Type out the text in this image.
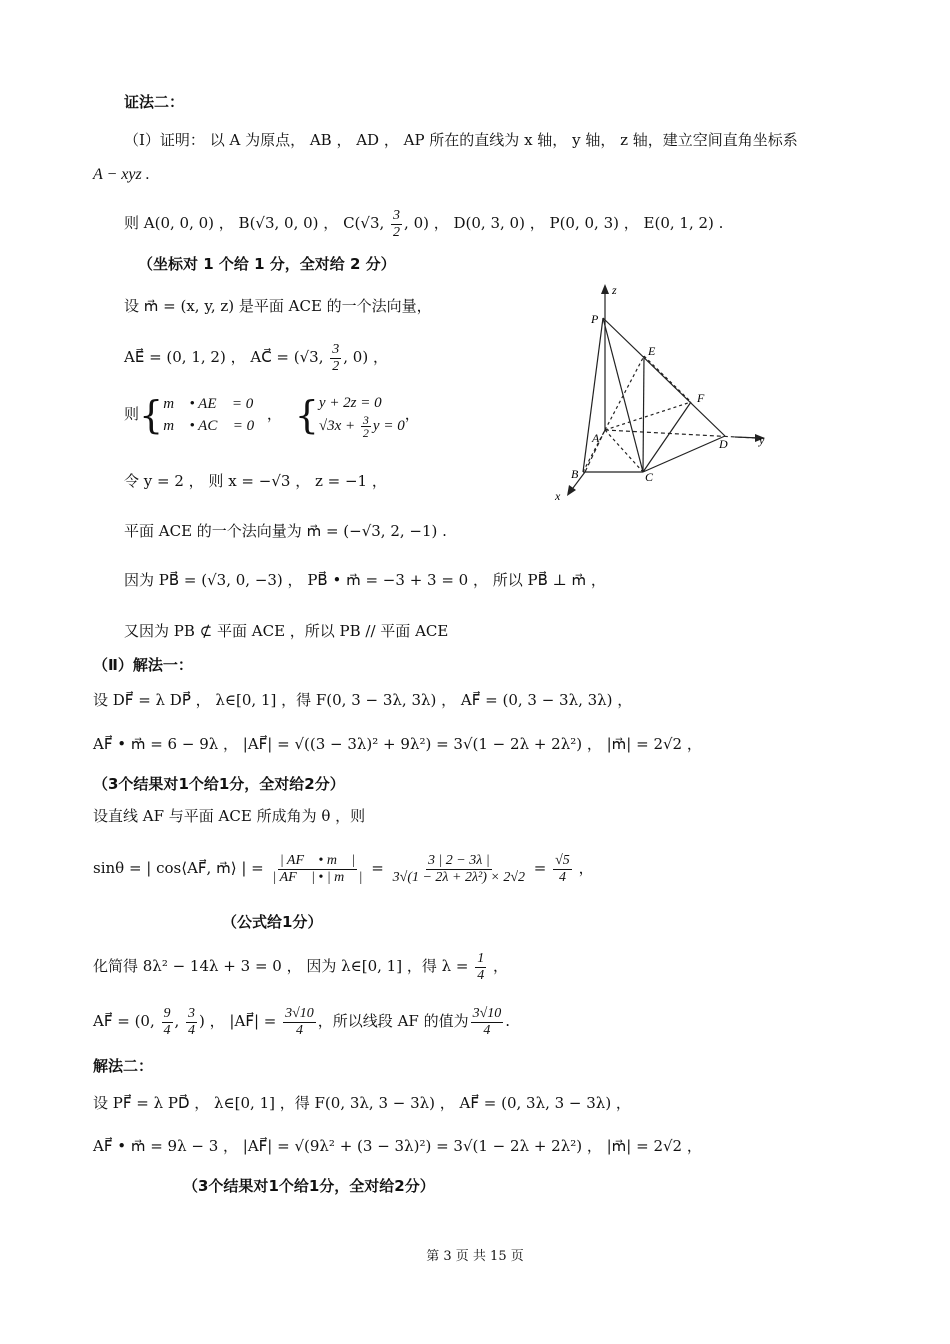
证法二：
（Ⅰ）证明： 以 A 为原点， AB ， AD ， AP 所在的直线为 x 轴， y 轴， z 轴，建立空间直角坐标系
A − xyz .
则 A(0, 0, 0) ， B(√3, 0, 0) ， C(√3, $\frac{3}{2}$ , 0) ， D(0, 3, 0) ， P(0, 0, 3) ， E(0, 1, 2) .
（坐标对 1 个给 1 分，全对给 2 分）
设 m⃗ = (x, y, z) 是平面 ACE 的一个法向量，
AE⃗ = (0, 1, 2) ， AC⃗ = (√3, $\frac{3}{2}$ , 0) ，
则{ m⃗ • AE⃗ = 0
m⃗ • AC⃗ = 0
， { y + 2z = 0
$√3x + \frac{3}{2}$ y = 0
，
令 y = 2 ， 则 x = −√3 ， z = −1 ，
平面 ACE 的一个法向量为 m⃗ = (−√3, 2, −1) .
因为 PB⃗ = (√3, 0, −3) ， PB⃗ • m⃗ = −3 + 3 = 0 ， 所以 PB⃗ ⊥ m⃗ ，
又因为 PB ⊄ 平面 ACE ，所以 PB // 平面 ACE
（Ⅱ）解法一：
设 DF⃗ = λ DP⃗ ， λ∈[0, 1] ，得 F(0, 3 − 3λ, 3λ) ， AF⃗ = (0, 3 − 3λ, 3λ) ，
AF⃗ • m⃗ = 6 − 9λ ， |AF⃗| = √((3 − 3λ)² + 9λ²) = 3√(1 − 2λ + 2λ²) ， |m⃗| = 2√2 ，
（3个结果对1个给1分，全对给2分）
设直线 AF 与平面 ACE 所成角为 θ ，则
sinθ = | cos⟨AF⃗, m⃗⟩ | = $\frac{| AF⃗ • m⃗ |}{| AF⃗ | • | m⃗ |} = \frac{3 | 2 - 3\lambda |}{\text{3√(1 − 2λ + 2λ²) × 2√2}} = \frac{√5}{4}$ ，
（公式给1分）
化简得 8λ² − 14λ + 3 = 0 ， 因为 λ∈[0, 1] ，得 $\lambda = \frac{1}{4}$ ，
AF⃗ = (0, $\frac{9}{4}$ , $\frac{3}{4}$ ) ， |AF⃗| = $\frac{3√10}{4}$ ，所以线段 AF 的值为 $\frac{3√10}{4}$ .
解法二：
设 PF⃗ = λ PD⃗ ， λ∈[0, 1] ，得 F(0, 3λ, 3 − 3λ) ， AF⃗ = (0, 3λ, 3 − 3λ) ，
AF⃗ • m⃗ = 9λ − 3 ， |AF⃗| = √(9λ² + (3 − 3λ)²) = 3√(1 − 2λ + 2λ²) ， |m⃗| = 2√2 ，
（3个结果对1个给1分，全对给2分）
z
P
E
F
A	D	y
B	C
x
第 3 页 共 15 页
